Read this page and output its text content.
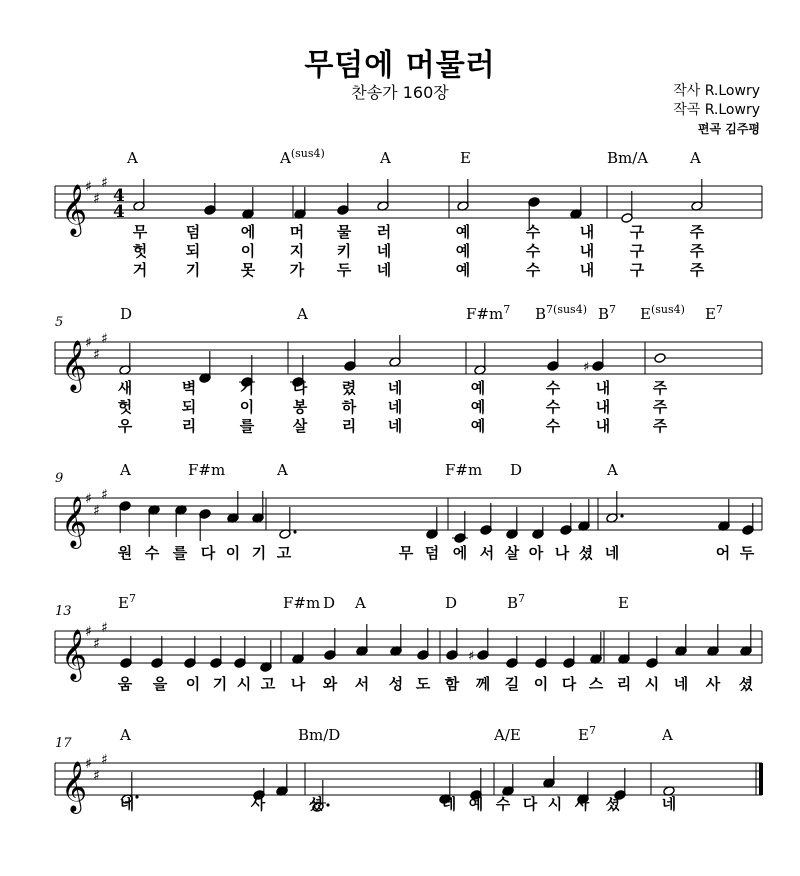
무덤에 머물러
찬송가 160장	작사 R.Lowry
작곡 R.Lowry
편곡 김주평
𝄞
♯
♯
♯
4
4
A	$A^{(sus4)}$	A	E	Bm/A	A
무	덤	에 머 물 러	예	수	내 구	주
헛	되	이 지 키 네	예	수	내 구	주
거	기	못 가 두 네	예	수	내 구	주
𝄞
♯
♯
♯
5	D	A	$F\#m^7$ $B^{7(sus4)}$ $B^7$ $E^{(sus4)}$ $E^7$
♯
새	벽	기	다 렸 네	예	수 내	주
헛	되	이	봉 하 네	예	수 내	주
우	리	를	살 리 네	예	수 내	주
𝄞
♯
♯
♯
9	A	F#m	A	F#m D	A
원 수 를 다 이 기 고	무 덤 에 서 살 아 나 셨 네	어 두
𝄞
♯
♯
♯
13	$E^7$	F#m D A	D	$B^7$	E
♯
움 을 이 기 시 고 나 와 서 성 도 함 께 길 이 다 스 리 시 네 사 셨
𝄞
♯
♯
♯
17	A	Bm/D	A/E	$E^7$	A
네	사	셨	네 예 수 다 시 사 셨	네
